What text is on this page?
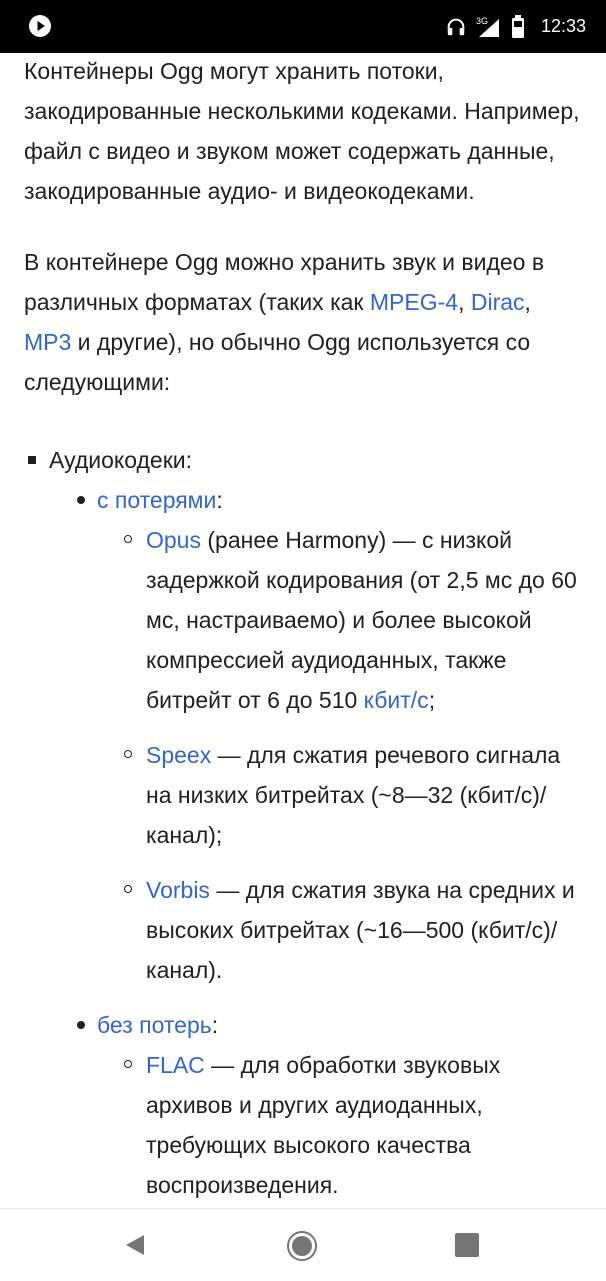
3G	12:33

Контейнеры Ogg могут хранить потоки, закодированные несколькими кодеками. Например, файл с видео и звуком может содержать данные, закодированные аудио- и видеокодеками.

В контейнере Ogg можно хранить звук и видео в различных форматах (таких как MPEG-4, Dirac, MP3 и другие), но обычно Ogg используется со следующими:

Аудиокодеки:
с потерями:
Opus (ранее Harmony) — с низкой задержкой кодирования (от 2,5 мс до 60 мс, настраиваемо) и более высокой компрессией аудиоданных, также битрейт от 6 до 510 кбит/с;
Speex — для сжатия речевого сигнала на низких битрейтах (~8—32 (кбит/с)/канал);
Vorbis — для сжатия звука на средних и высоких битрейтах (~16—500 (кбит/с)/канал).
без потерь:
FLAC — для обработки звуковых архивов и других аудиоданных, требующих высокого качества воспроизведения.
